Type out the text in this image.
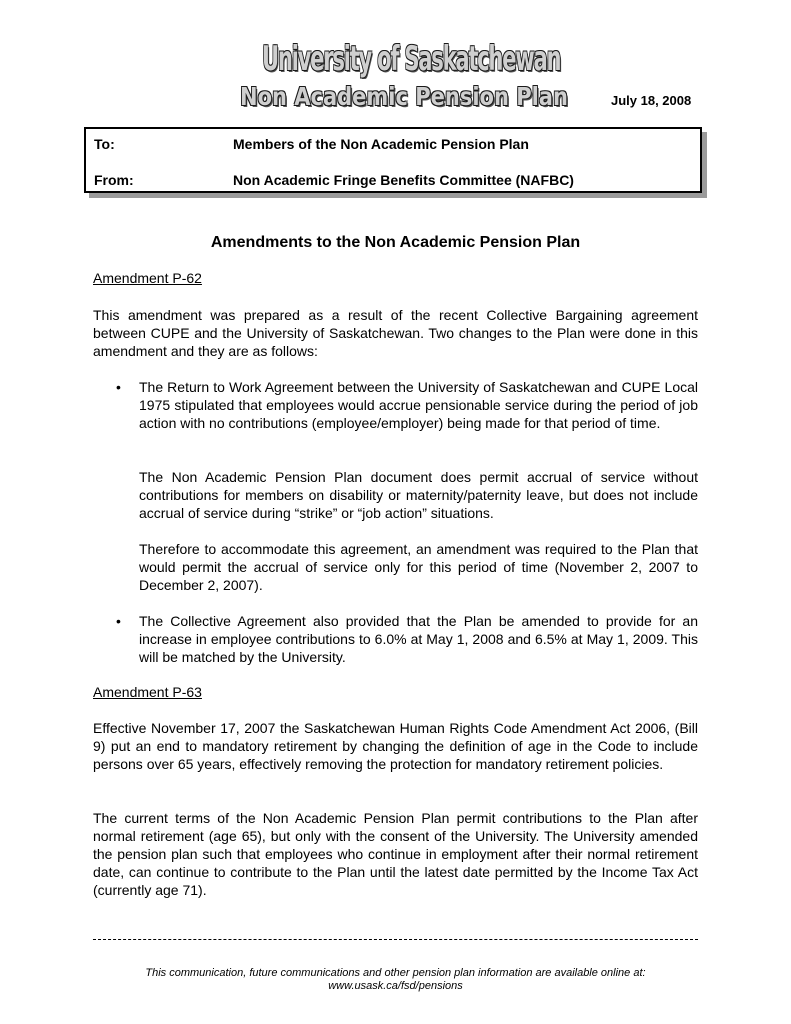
University of Saskatchewan
Non Academic Pension Plan	July 18, 2008
To:	Members of the Non Academic Pension Plan
From:	Non Academic Fringe Benefits Committee (NAFBC)
Amendments to the Non Academic Pension Plan
Amendment P-62

This amendment was prepared as a result of the recent Collective Bargaining agreement between CUPE and the University of Saskatchewan. Two changes to the Plan were done in this amendment and they are as follows:

• The Return to Work Agreement between the University of Saskatchewan and CUPE Local 1975 stipulated that employees would accrue pensionable service during the period of job action with no contributions (employee/employer) being made for that period of time.

The Non Academic Pension Plan document does permit accrual of service without contributions for members on disability or maternity/paternity leave, but does not include accrual of service during “strike” or “job action” situations.

Therefore to accommodate this agreement, an amendment was required to the Plan that would permit the accrual of service only for this period of time (November 2, 2007 to December 2, 2007).

• The Collective Agreement also provided that the Plan be amended to provide for an increase in employee contributions to 6.0% at May 1, 2008 and 6.5% at May 1, 2009. This will be matched by the University.

Amendment P-63

Effective November 17, 2007 the Saskatchewan Human Rights Code Amendment Act 2006, (Bill 9) put an end to mandatory retirement by changing the definition of age in the Code to include persons over 65 years, effectively removing the protection for mandatory retirement policies.

The current terms of the Non Academic Pension Plan permit contributions to the Plan after normal retirement (age 65), but only with the consent of the University. The University amended the pension plan such that employees who continue in employment after their normal retirement date, can continue to contribute to the Plan until the latest date permitted by the Income Tax Act (currently age 71).

This communication, future communications and other pension plan information are available online at:
www.usask.ca/fsd/pensions
